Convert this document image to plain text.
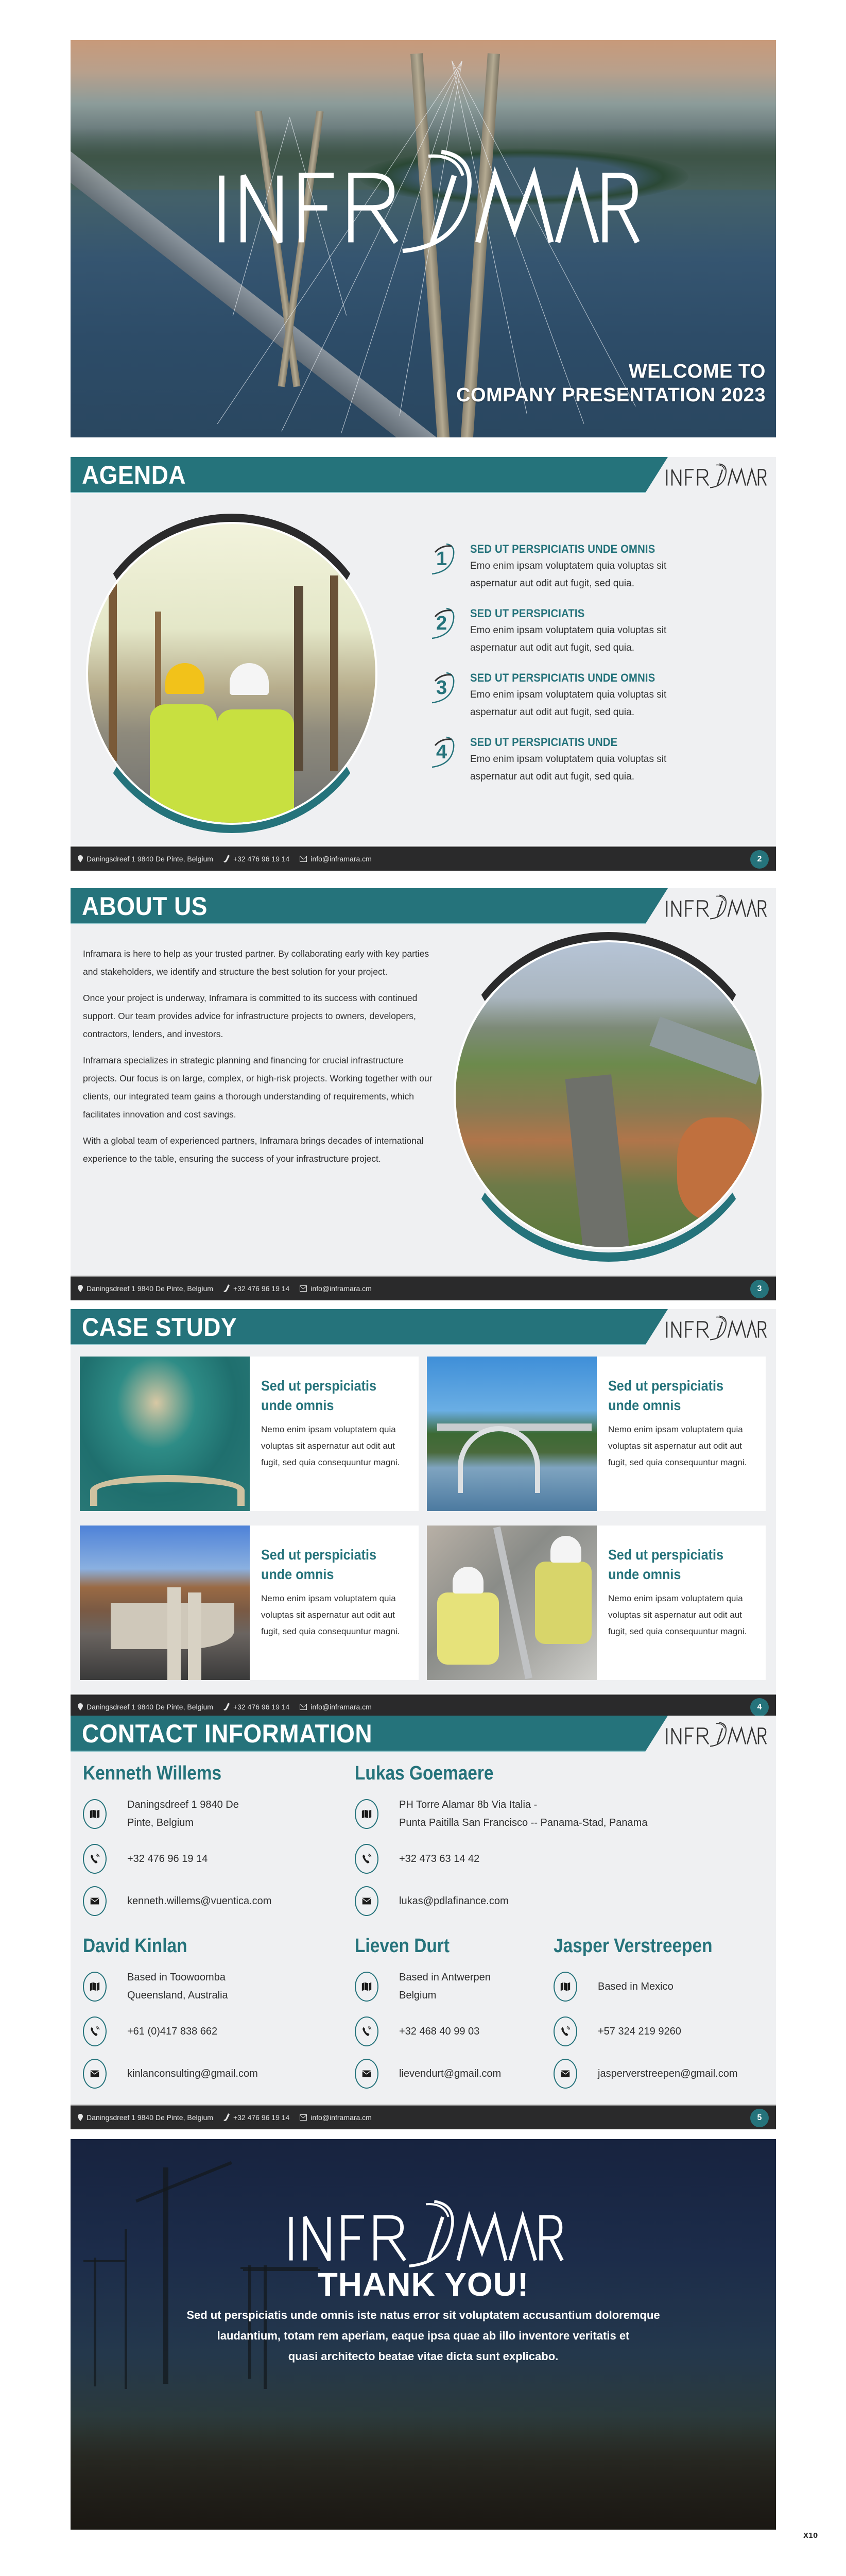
WELCOME TO
COMPANY PRESENTATION 2023
AGENDA
1 SED UT PERSPICIATIS UNDE OMNIS
Emo enim ipsam voluptatem quia voluptas sit
aspernatur aut odit aut fugit, sed quia.
2 SED UT PERSPICIATIS
Emo enim ipsam voluptatem quia voluptas sit
aspernatur aut odit aut fugit, sed quia.
3 SED UT PERSPICIATIS UNDE OMNIS
Emo enim ipsam voluptatem quia voluptas sit
aspernatur aut odit aut fugit, sed quia.
4 SED UT PERSPICIATIS UNDE
Emo enim ipsam voluptatem quia voluptas sit
aspernatur aut odit aut fugit, sed quia.
Daningsdreef 1 9840 De Pinte, Belgium	+32 476 96 19 14	info@inframara.cm	2
ABOUT US

Inframara is here to help as your trusted partner. By collaborating early with key parties and stakeholders, we identify and structure the best solution for your project.

Once your project is underway, Inframara is committed to its success with continued support. Our team provides advice for infrastructure projects to owners, developers, contractors, lenders, and investors.

Inframara specializes in strategic planning and financing for crucial infrastructure projects. Our focus is on large, complex, or high-risk projects. Working together with our clients, our integrated team gains a thorough understanding of requirements, which facilitates innovation and cost savings.

With a global team of experienced partners, Inframara brings decades of international experience to the table, ensuring the success of your infrastructure project.

Daningsdreef 1 9840 De Pinte, Belgium	+32 476 96 19 14	info@inframara.cm	3
CASE STUDY
Sed ut perspiciatis
unde omnis
Nemo enim ipsam voluptatem quia voluptas sit aspernatur aut odit aut fugit, sed quia consequuntur magni.
Sed ut perspiciatis
unde omnis
Nemo enim ipsam voluptatem quia voluptas sit aspernatur aut odit aut fugit, sed quia consequuntur magni.
Sed ut perspiciatis
unde omnis
Nemo enim ipsam voluptatem quia voluptas sit aspernatur aut odit aut fugit, sed quia consequuntur magni.
Sed ut perspiciatis
unde omnis
Nemo enim ipsam voluptatem quia voluptas sit aspernatur aut odit aut fugit, sed quia consequuntur magni.
Daningsdreef 1 9840 De Pinte, Belgium	+32 476 96 19 14	info@inframara.cm	4
CONTACT INFORMATION
Kenneth Willems
Daningsdreef 1 9840 De
Pinte, Belgium
+32 476 96 19 14
kenneth.willems@vuentica.com
Lukas Goemaere
PH Torre Alamar 8b Via Italia -
Punta Paitilla San Francisco -- Panama-Stad, Panama
+32 473 63 14 42
lukas@pdlafinance.com
David Kinlan
Based in Toowoomba
Queensland, Australia
+61 (0)417 838 662
kinlanconsulting@gmail.com
Lieven Durt
Based in Antwerpen
Belgium
+32 468 40 99 03
lievendurt@gmail.com
Jasper Verstreepen
Based in Mexico
+57 324 219 9260
jasperverstreepen@gmail.com
Daningsdreef 1 9840 De Pinte, Belgium	+32 476 96 19 14	info@inframara.cm	5
THANK YOU!
Sed ut perspiciatis unde omnis iste natus error sit voluptatem accusantium doloremque
laudantium, totam rem aperiam, eaque ipsa quae ab illo inventore veritatis et
quasi architecto beatae vitae dicta sunt explicabo.
X10
